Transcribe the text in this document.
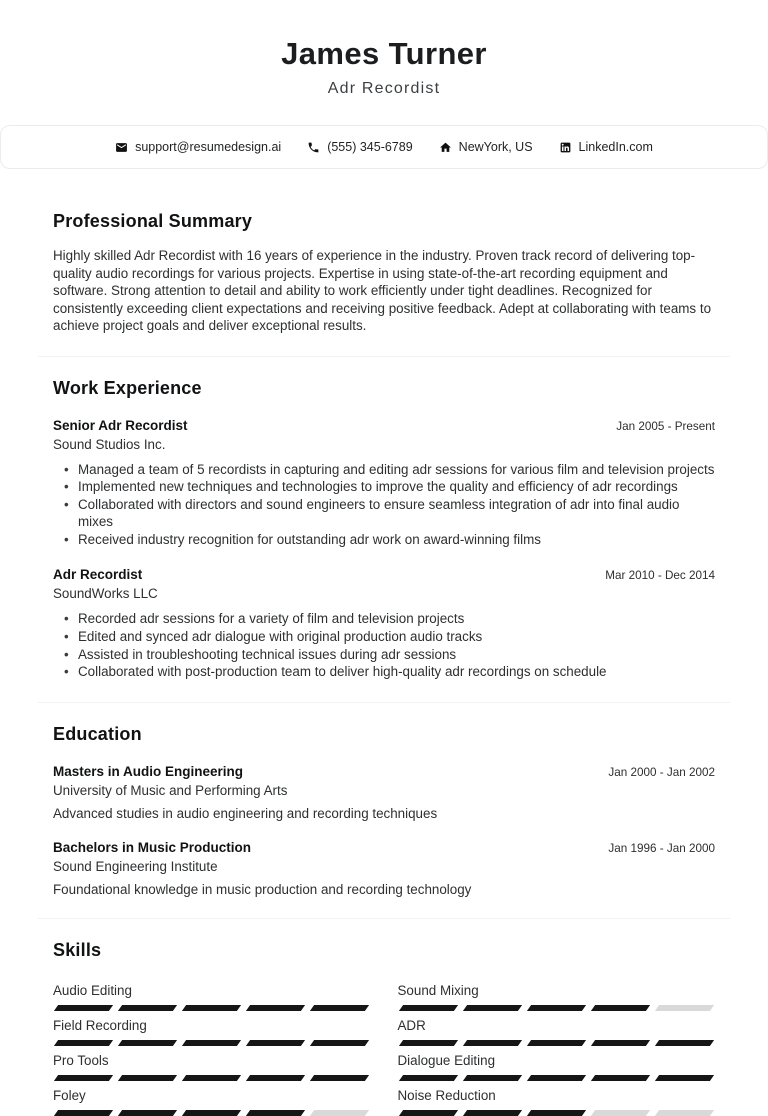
James Turner
Adr Recordist
support@resumedesign.ai	(555) 345-6789	NewYork, US	LinkedIn.com
Professional Summary

Highly skilled Adr Recordist with 16 years of experience in the industry. Proven track record of delivering top-quality audio recordings for various projects. Expertise in using state-of-the-art recording equipment and software. Strong attention to detail and ability to work efficiently under tight deadlines. Recognized for consistently exceeding client expectations and receiving positive feedback. Adept at collaborating with teams to achieve project goals and deliver exceptional results.

Work Experience
Senior Adr Recordist	Jan 2005 - Present
Sound Studios Inc.
• Managed a team of 5 recordists in capturing and editing adr sessions for various film and television projects
• Implemented new techniques and technologies to improve the quality and efficiency of adr recordings
• Collaborated with directors and sound engineers to ensure seamless integration of adr into final audio mixes
• Received industry recognition for outstanding adr work on award-winning films
Adr Recordist	Mar 2010 - Dec 2014
SoundWorks LLC
• Recorded adr sessions for a variety of film and television projects
• Edited and synced adr dialogue with original production audio tracks
• Assisted in troubleshooting technical issues during adr sessions
• Collaborated with post-production team to deliver high-quality adr recordings on schedule
Education
Masters in Audio Engineering	Jan 2000 - Jan 2002
University of Music and Performing Arts
Advanced studies in audio engineering and recording techniques
Bachelors in Music Production	Jan 1996 - Jan 2000
Sound Engineering Institute
Foundational knowledge in music production and recording technology
Skills
Audio Editing	Sound Mixing
Field Recording	ADR
Pro Tools	Dialogue Editing
Foley	Noise Reduction
